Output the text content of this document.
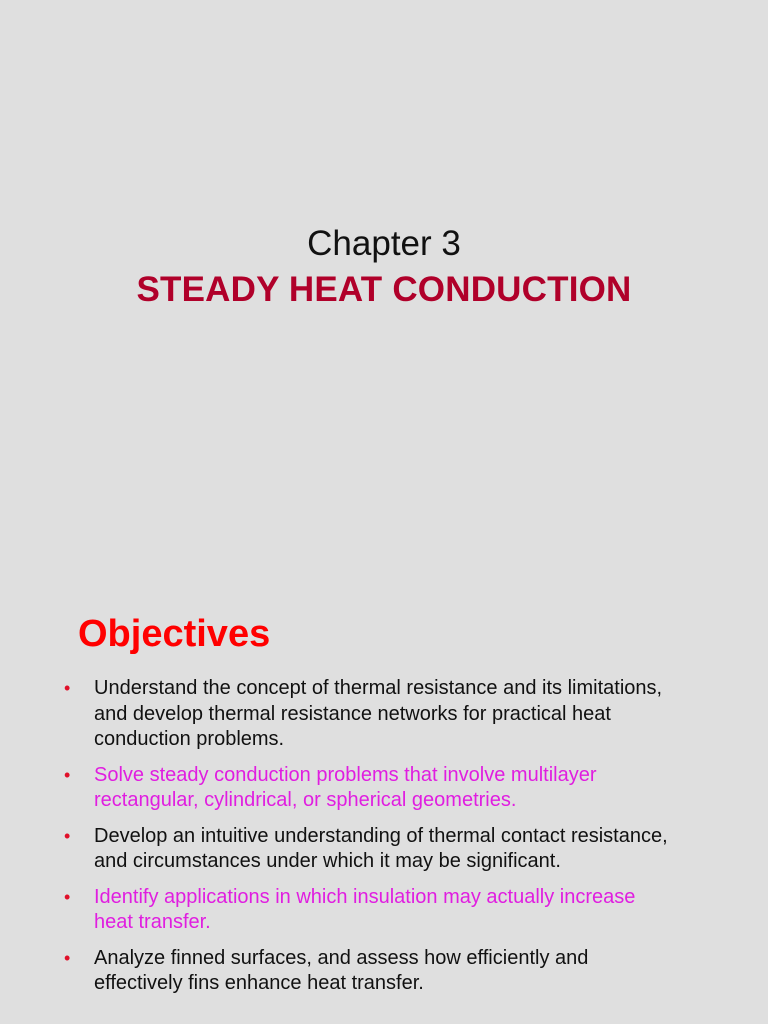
Chapter 3
STEADY HEAT CONDUCTION
Objectives
• Understand the concept of thermal resistance and its limitations, and develop thermal resistance networks for practical heat conduction problems.
• Solve steady conduction problems that involve multilayer rectangular, cylindrical, or spherical geometries.
• Develop an intuitive understanding of thermal contact resistance, and circumstances under which it may be significant.
• Identify applications in which insulation may actually increase heat transfer.
• Analyze finned surfaces, and assess how efficiently and effectively fins enhance heat transfer.
